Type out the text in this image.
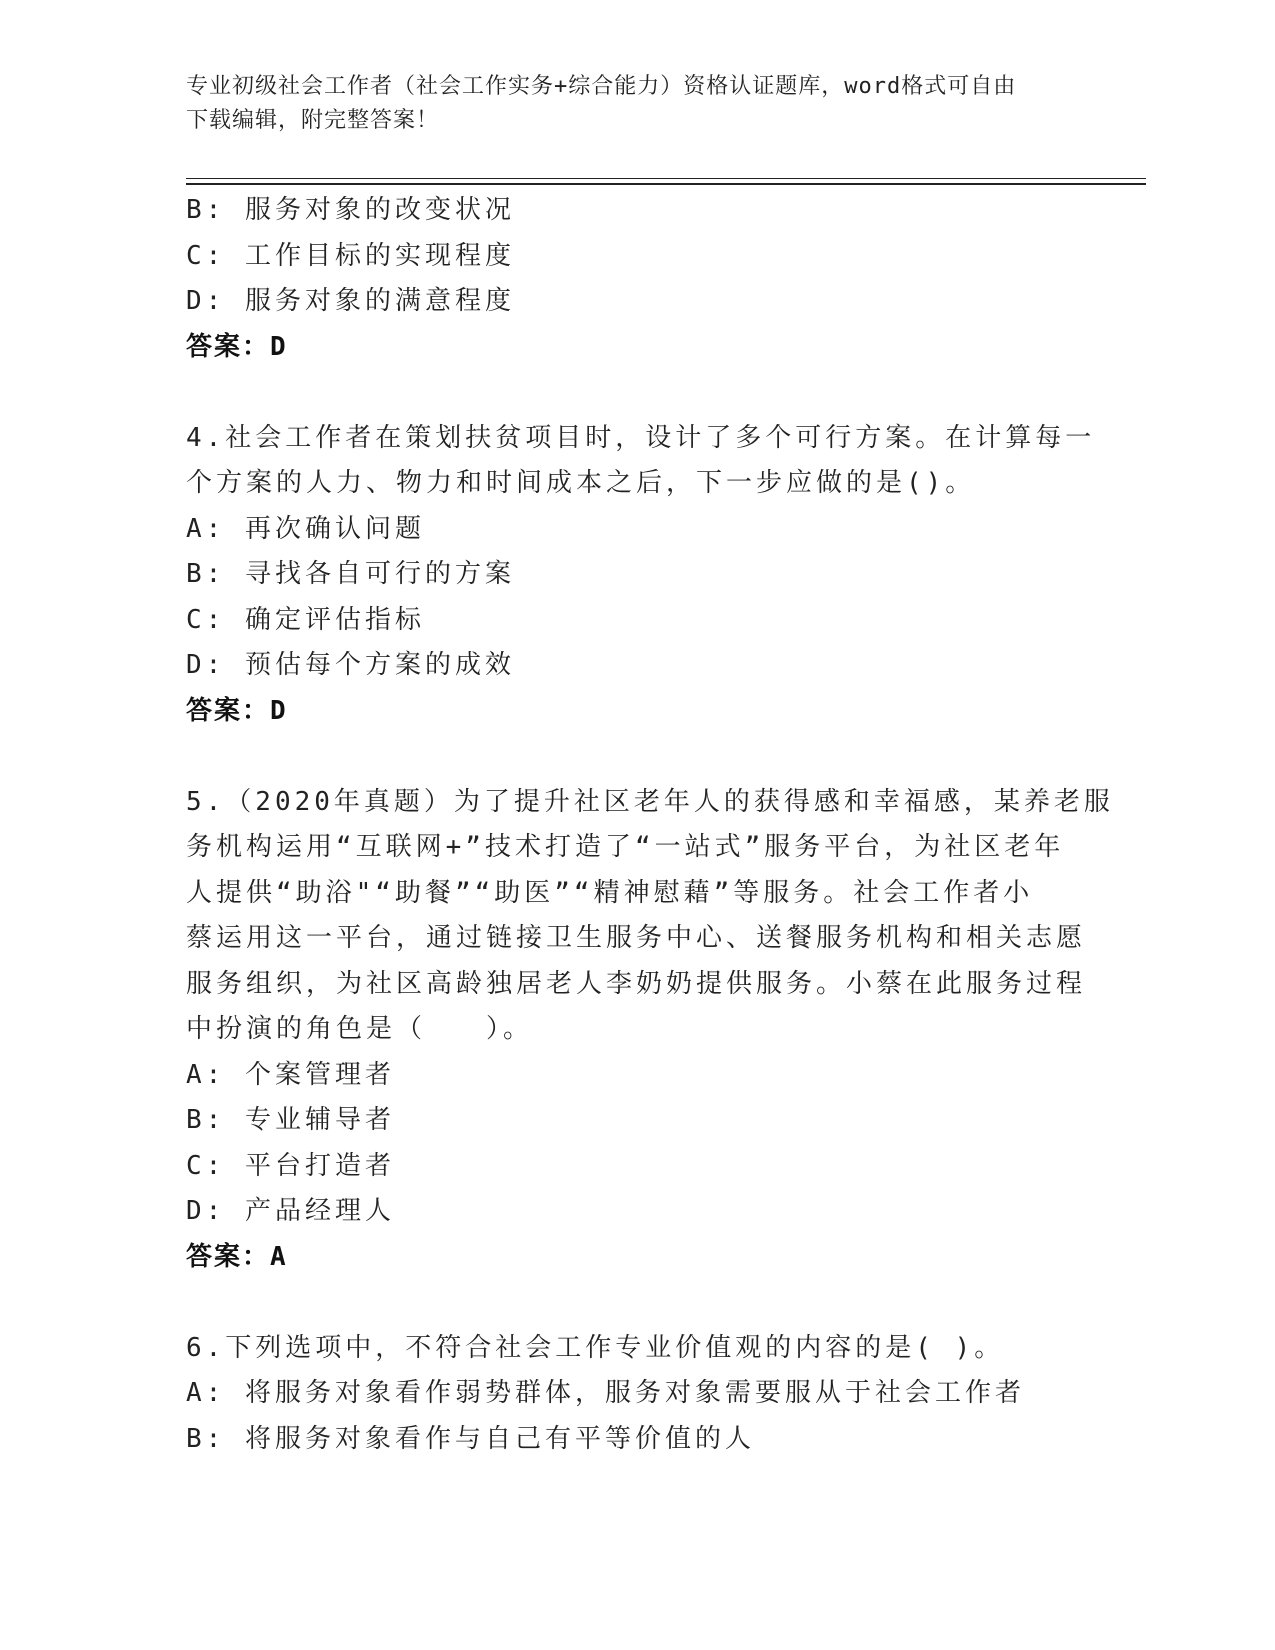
专业初级社会工作者（社会工作实务+综合能力）资格认证题库，word格式可自由
下载编辑，附完整答案！
B: 服务对象的改变状况
C: 工作目标的实现程度
D: 服务对象的满意程度
答案：D
4.社会工作者在策划扶贫项目时，设计了多个可行方案。在计算每一
个方案的人力、物力和时间成本之后，下一步应做的是()。
A: 再次确认问题
B: 寻找各自可行的方案
C: 确定评估指标
D: 预估每个方案的成效
答案：D
5.（2020年真题）为了提升社区老年人的获得感和幸福感，某养老服
务机构运用“互联网+”技术打造了“一站式”服务平台，为社区老年
人提供“助浴"“助餐”“助医”“精神慰藉”等服务。社会工作者小
蔡运用这一平台，通过链接卫生服务中心、送餐服务机构和相关志愿
服务组织，为社区高龄独居老人李奶奶提供服务。小蔡在此服务过程
中扮演的角色是（　　）。
A: 个案管理者
B: 专业辅导者
C: 平台打造者
D: 产品经理人
答案：A
6.下列选项中，不符合社会工作专业价值观的内容的是( )。
A: 将服务对象看作弱势群体，服务对象需要服从于社会工作者
B: 将服务对象看作与自己有平等价值的人
